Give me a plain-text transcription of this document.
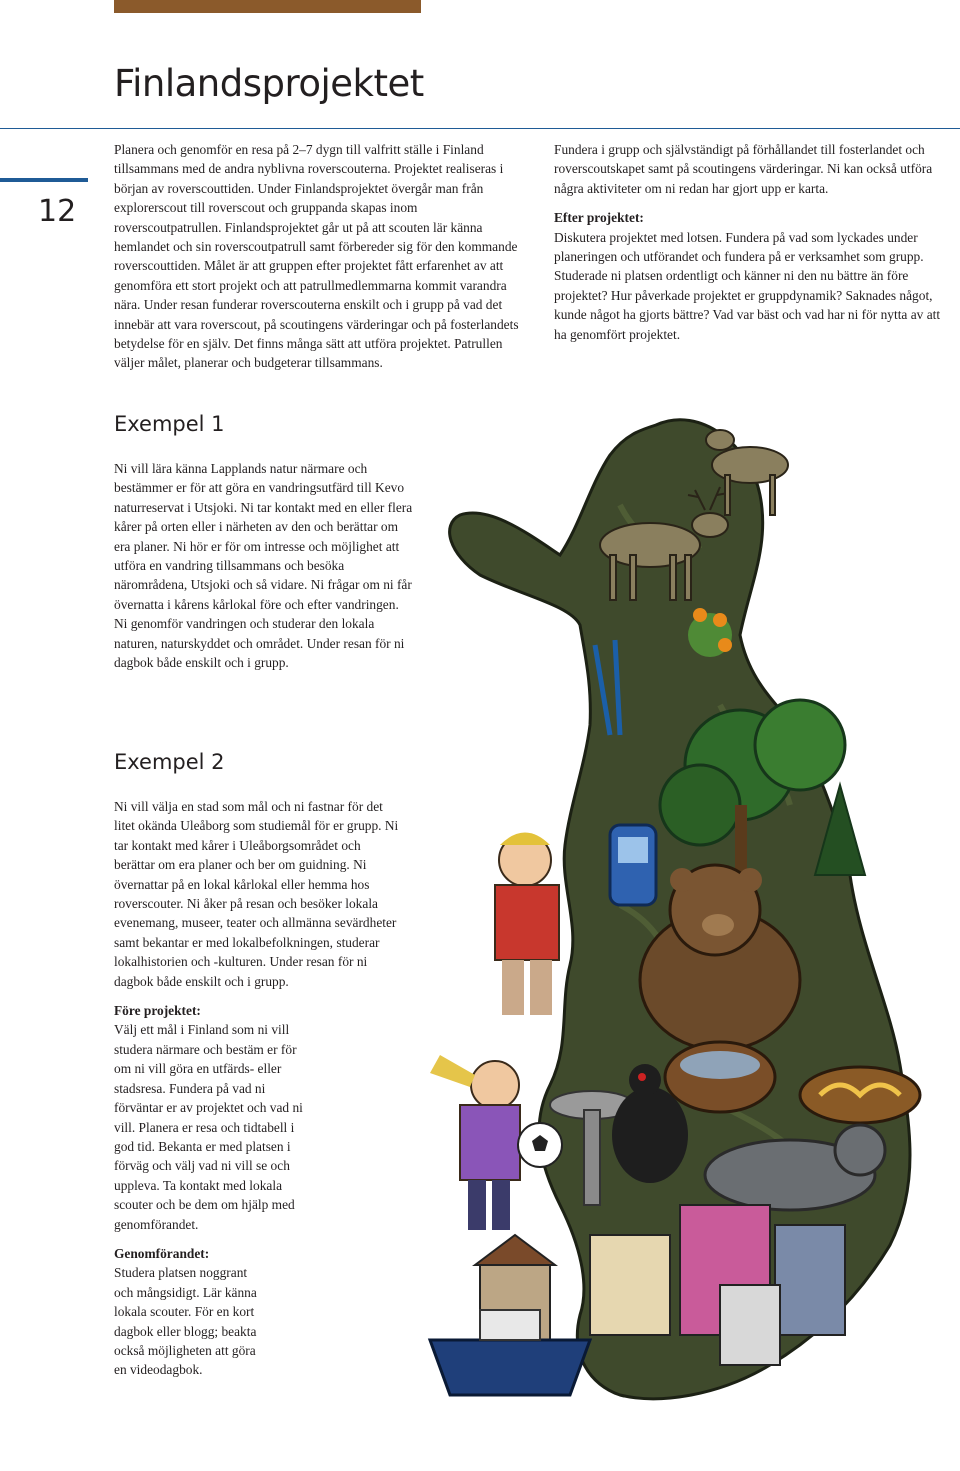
Finlandsprojektet
12

Planera och genomför en resa på 2–7 dygn till valfritt ställe i Finland tillsammans med de andra nyblivna roverscouterna. Projektet realiseras i början av roverscouttiden. Under Finlandsprojektet övergår man från explorerscout till roverscout och gruppanda skapas inom roverscoutpatrullen. Finlandsprojektet går ut på att scouten lär känna hemlandet och sin roverscoutpatrull samt förbereder sig för den kommande roverscouttiden. Målet är att gruppen efter projektet fått erfarenhet av att genomföra ett stort projekt och att patrullmedlemmarna kommit varandra nära. Under resan funderar roverscouterna enskilt och i grupp på vad det innebär att vara roverscout, på scoutingens värderingar och på fosterlandets betydelse för en själv. Det finns många sätt att utföra projektet. Patrullen väljer målet, planerar och budgeterar tillsammans.

Fundera i grupp och självständigt på förhållandet till fosterlandet och roverscoutskapet samt på scoutingens värderingar. Ni kan också utföra några aktiviteter om ni redan har gjort upp er karta.

Efter projektet:

Diskutera projektet med lotsen. Fundera på vad som lyckades under planeringen och utförandet och fundera på er verksamhet som grupp. Studerade ni platsen ordentligt och känner ni den nu bättre än före projektet? Hur påverkade projektet er gruppdynamik? Saknades något, kunde något ha gjorts bättre? Vad var bäst och vad har ni för nytta av att ha genomfört projektet.

Exempel 1

Ni vill lära känna Lapplands natur närmare och bestämmer er för att göra en vandringsutfärd till Kevo naturreservat i Utsjoki. Ni tar kontakt med en eller flera kårer på orten eller i närheten av den och berättar om era planer. Ni hör er för om intresse och möjlighet att utföra en vandring tillsammans och besöka närområdena, Utsjoki och så vidare. Ni frågar om ni får övernatta i kårens kårlokal före och efter vandringen. Ni genomför vandringen och studerar den lokala naturen, naturskyddet och området. Under resan för ni dagbok både enskilt och i grupp.

Exempel 2

Ni vill välja en stad som mål och ni fastnar för det litet okända Uleåborg som studiemål för er grupp. Ni tar kontakt med kårer i Uleåborgsområdet och berättar om era planer och ber om guidning. Ni övernattar på en lokal kårlokal eller hemma hos roverscouter. Ni åker på resan och besöker lokala evenemang, museer, teater och allmänna sevärdheter samt bekantar er med lokalbefolkningen, studerar lokalhistorien och -kulturen. Under resan för ni dagbok både enskilt och i grupp.

Före projektet:

Välj ett mål i Finland som ni vill studera närmare och bestäm er för om ni vill göra en utfärds- eller stadsresa. Fundera på vad ni förväntar er av projektet och vad ni vill. Planera er resa och tidtabell i god tid. Bekanta er med platsen i förväg och välj vad ni vill se och uppleva. Ta kontakt med lokala scouter och be dem om hjälp med genomförandet.

Genomförandet:

Studera platsen noggrant och mångsidigt. Lär känna lokala scouter. För en kort dagbok eller blogg; beakta också möjligheten att göra en videodagbok.
